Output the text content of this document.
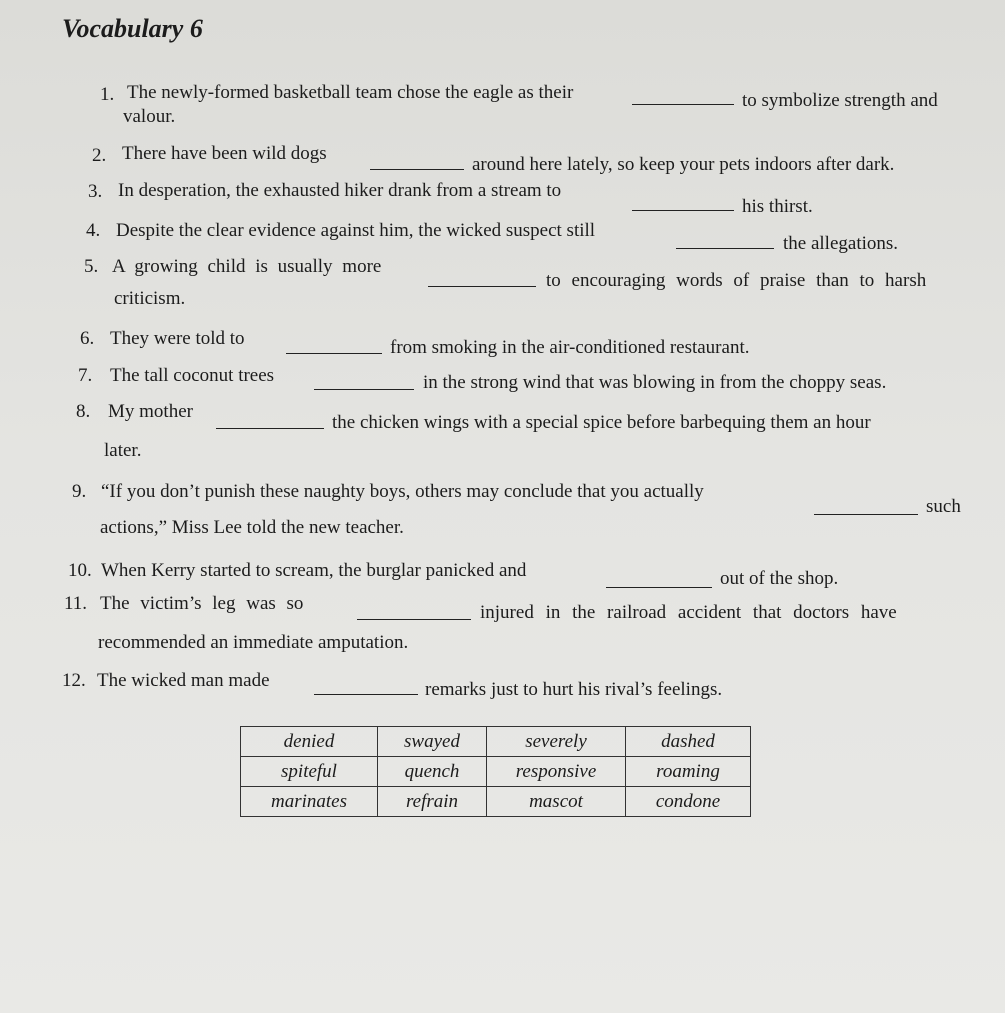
Vocabulary 6
1. The newly-formed basketball team chose the eagle as their	to symbolize strength and
valour.
2. There have been wild dogs
around here lately, so keep your pets indoors after dark.
3. In desperation, the exhausted hiker drank from a stream to
his thirst.
4. Despite the clear evidence against him, the wicked suspect still
the allegations.
5. A growing child is usually more
to encouraging words of praise than to harsh
criticism.
6. They were told to	from smoking in the air-conditioned restaurant.
7. The tall coconut trees	in the strong wind that was blowing in from the choppy seas.
8. My mother
the chicken wings with a special spice before barbequing them an hour
later.
9. “If you don’t punish these naughty boys, others may conclude that you actually
such
actions,” Miss Lee told the new teacher.
10. When Kerry started to scream, the burglar panicked and	out of the shop.
11. The victim’s leg was so	injured in the railroad accident that doctors have
recommended an immediate amputation.
12. The wicked man made	remarks just to hurt his rival’s feelings.
denied	swayed	severely	dashed
spiteful	quench	responsive	roaming
marinates	refrain	mascot	condone
